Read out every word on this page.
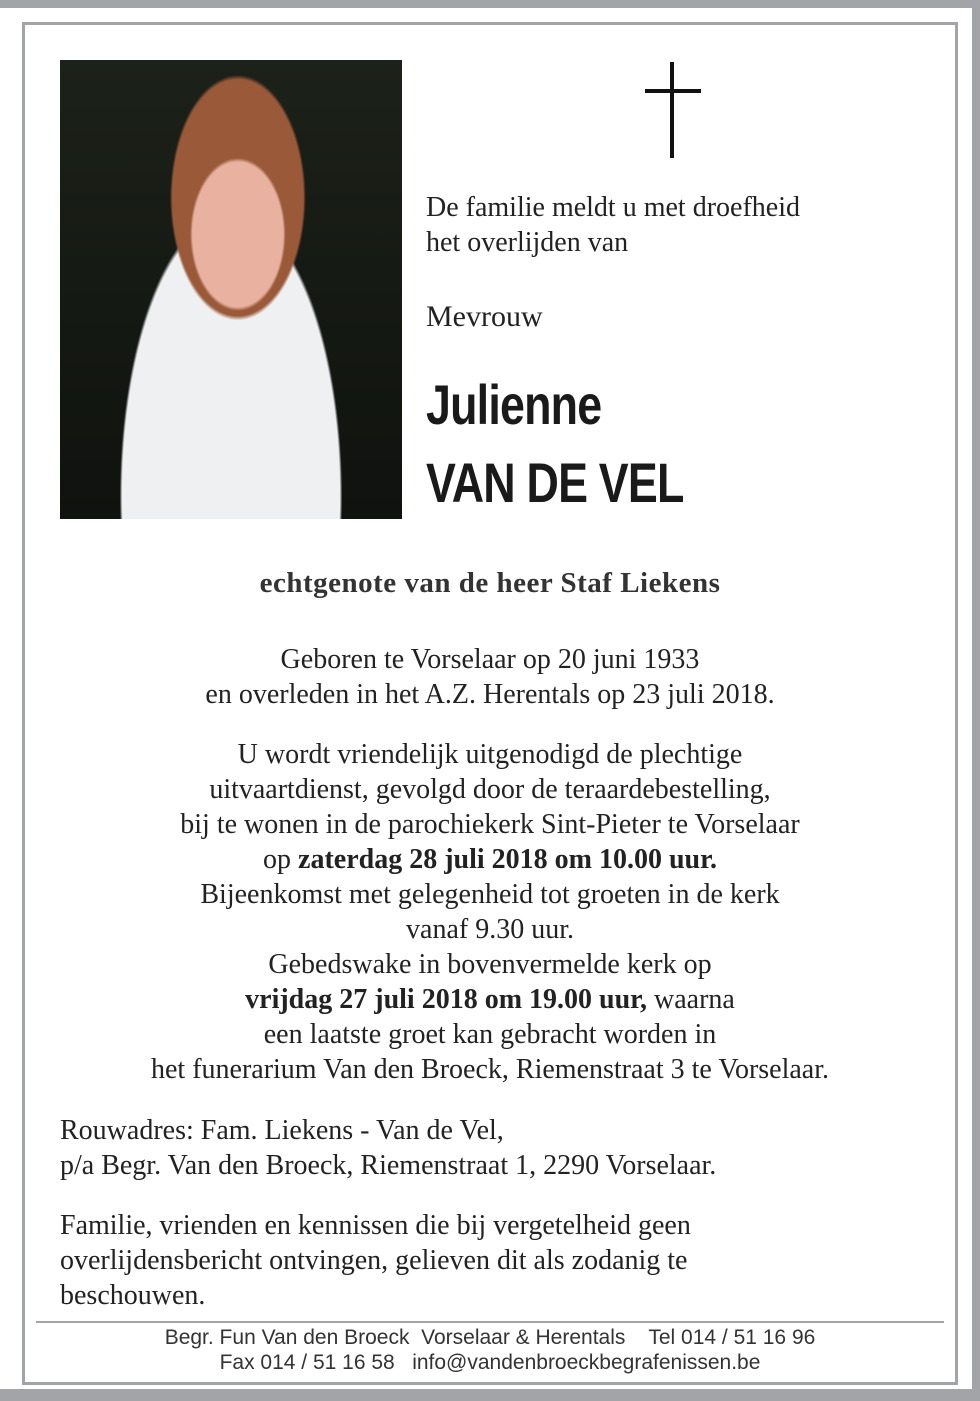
De familie meldt u met droefheid
het overlijden van
Mevrouw
Julienne
VAN DE VEL
echtgenote van de heer Staf Liekens
Geboren te Vorselaar op 20 juni 1933
en overleden in het A.Z. Herentals op 23 juli 2018.
U wordt vriendelijk uitgenodigd de plechtige
uitvaartdienst, gevolgd door de teraardebestelling,
bij te wonen in de parochiekerk Sint-Pieter te Vorselaar
op zaterdag 28 juli 2018 om 10.00 uur.
Bijeenkomst met gelegenheid tot groeten in de kerk
vanaf 9.30 uur.
Gebedswake in bovenvermelde kerk op
vrijdag 27 juli 2018 om 19.00 uur, waarna
een laatste groet kan gebracht worden in
het funerarium Van den Broeck, Riemenstraat 3 te Vorselaar.
Rouwadres: Fam. Liekens - Van de Vel,
p/a Begr. Van den Broeck, Riemenstraat 1, 2290 Vorselaar.
Familie, vrienden en kennissen die bij vergetelheid geen
overlijdensbericht ontvingen, gelieven dit als zodanig te
beschouwen.
Begr. Fun Van den Broeck  Vorselaar & Herentals    Tel 014 / 51 16 96
Fax 014 / 51 16 58   info@vandenbroeckbegrafenissen.be
